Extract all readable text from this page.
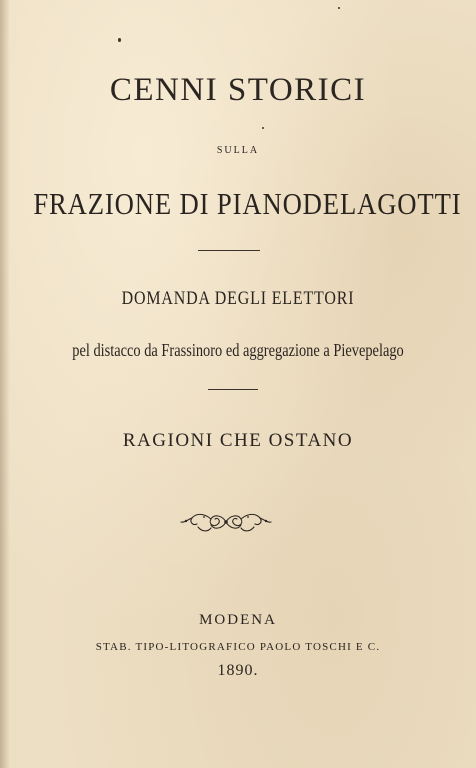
CENNI STORICI
SULLA
FRAZIONE DI PIANODELAGOTTI
DOMANDA DEGLI ELETTORI
pel distacco da Frassinoro ed aggregazione a Pievepelago
RAGIONI CHE OSTANO
MODENA
STAB. TIPO-LITOGRAFICO PAOLO TOSCHI E C.
1890.
